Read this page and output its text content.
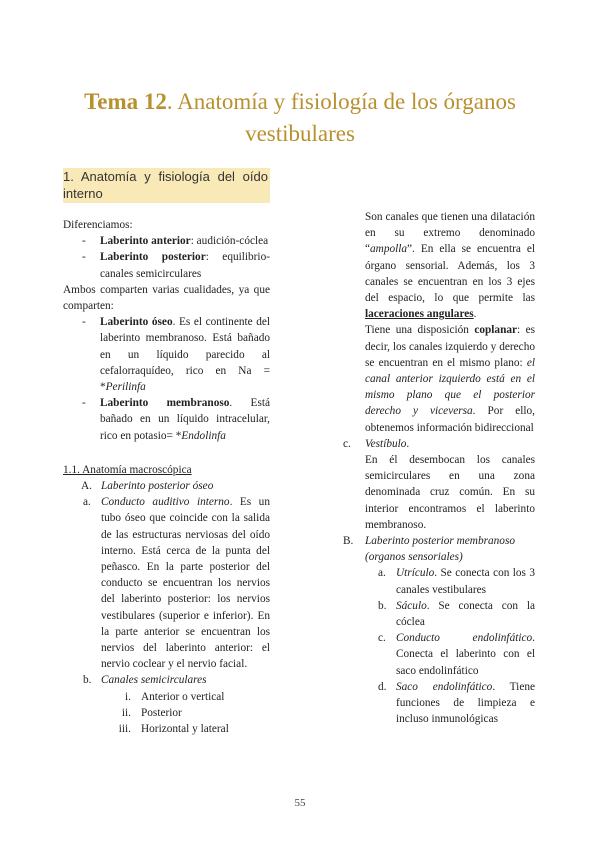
Tema 12. Anatomía y fisiología de los órganos vestibulares
1. Anatomía y fisiología del oído interno

Diferenciamos:

-	Laberinto anterior: audición-cóclea
-	Laberinto posterior: equilibrio-canales semicirculares

Ambos comparten varias cualidades, ya que comparten:

-	Laberinto óseo. Es el continente del laberinto membranoso. Está bañado en un líquido parecido al cefalorraquídeo, rico en Na = *Perilinfa
-	Laberinto membranoso. Está bañado en un líquido intracelular, rico en potasio= *Endolinfa
1.1. Anatomía macroscópica
A. Laberinto posterior óseo
a. Conducto auditivo interno. Es un tubo óseo que coincide con la salida de las estructuras nerviosas del oído interno. Está cerca de la punta del peñasco. En la parte posterior del conducto se encuentran los nervios del laberinto posterior: los nervios vestibulares (superior e inferior). En la parte anterior se encuentran los nervios del laberinto anterior: el nervio coclear y el nervio facial.
b. Canales semicirculares
i. Anterior o vertical
ii. Posterior
iii. Horizontal y lateral

Son canales que tienen una dilatación en su extremo denominado “ampolla”. En ella se encuentra el órgano sensorial. Además, los 3 canales se encuentran en los 3 ejes del espacio, lo que permite las laceraciones angulares.

Tiene una disposición coplanar: es decir, los canales izquierdo y derecho se encuentran en el mismo plano: el canal anterior izquierdo está en el mismo plano que el posterior derecho y viceversa. Por ello, obtenemos información bidireccional

c.	Vestíbulo.

En él desembocan los canales semicirculares en una zona denominada cruz común. En su interior encontramos el laberinto membranoso.

B.	Laberinto posterior membranoso (organos sensoriales)
a. Utrículo. Se conecta con los 3 canales vestibulares
b. Sáculo. Se conecta con la cóclea
c. Conducto endolinfático. Conecta el laberinto con el saco endolinfático
d. Saco endolinfático. Tiene funciones de limpieza e incluso inmunológicas
55
